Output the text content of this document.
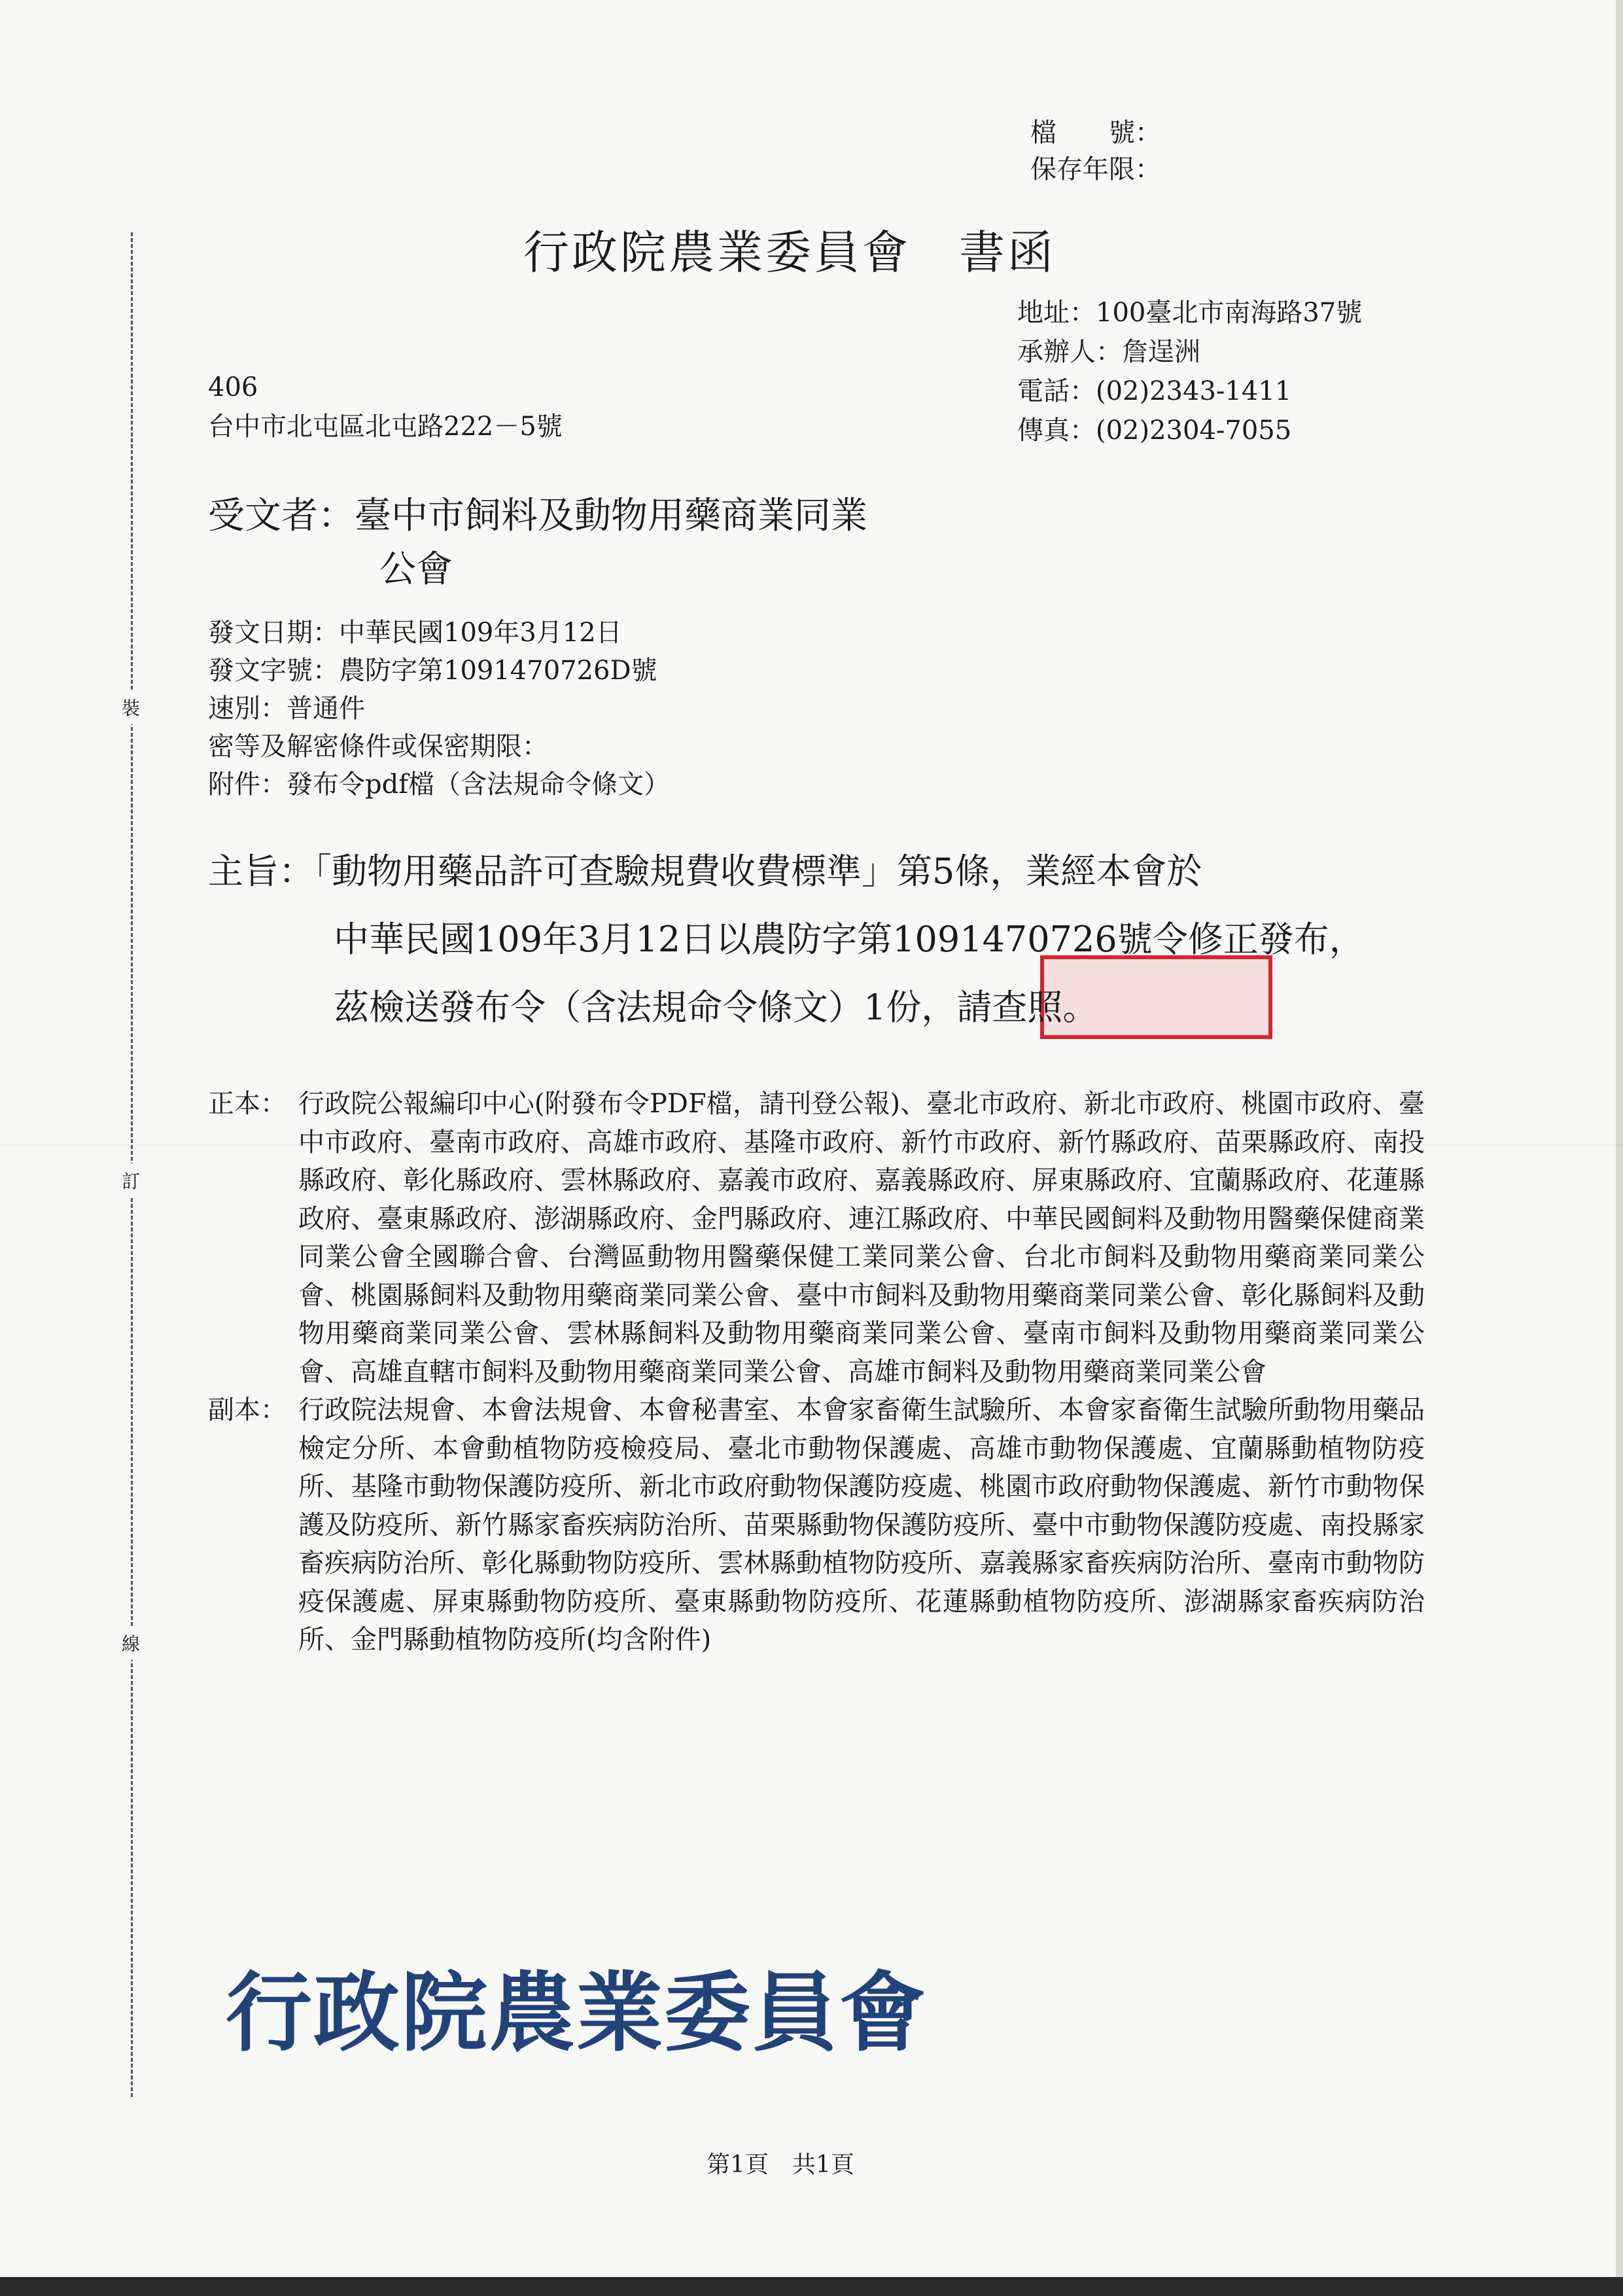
裝
訂
線
檔　　號：
保存年限：
行政院農業委員會　書函
地址：100臺北市南海路37號
承辦人：詹逞洲
電話：(02)2343-1411
傳真：(02)2304-7055
406
台中市北屯區北屯路222－5號
受文者：臺中市飼料及動物用藥商業同業
公會
發文日期：中華民國109年3月12日
發文字號：農防字第1091470726D號
速別：普通件
密等及解密條件或保密期限：
附件：發布令pdf檔（含法規命令條文）
主旨：「動物用藥品許可查驗規費收費標準」第5條，業經本會於
中華民國109年3月12日以農防字第1091470726號令修正發布，
茲檢送發布令（含法規命令條文）1份，請查照。
正本： 行政院公報編印中心(附發布令PDF檔，請刊登公報)、臺北市政府、新北市政府、桃園市政府、臺中市政府、臺南市政府、高雄市政府、基隆市政府、新竹市政府、新竹縣政府、苗栗縣政府、南投縣政府、彰化縣政府、雲林縣政府、嘉義市政府、嘉義縣政府、屏東縣政府、宜蘭縣政府、花蓮縣政府、臺東縣政府、澎湖縣政府、金門縣政府、連江縣政府、中華民國飼料及動物用醫藥保健商業同業公會全國聯合會、台灣區動物用醫藥保健工業同業公會、台北市飼料及動物用藥商業同業公會、桃園縣飼料及動物用藥商業同業公會、臺中市飼料及動物用藥商業同業公會、彰化縣飼料及動物用藥商業同業公會、雲林縣飼料及動物用藥商業同業公會、臺南市飼料及動物用藥商業同業公會、高雄直轄市飼料及動物用藥商業同業公會、高雄市飼料及動物用藥商業同業公會
副本： 行政院法規會、本會法規會、本會秘書室、本會家畜衛生試驗所、本會家畜衛生試驗所動物用藥品檢定分所、本會動植物防疫檢疫局、臺北市動物保護處、高雄市動物保護處、宜蘭縣動植物防疫所、基隆市動物保護防疫所、新北市政府動物保護防疫處、桃園市政府動物保護處、新竹市動物保護及防疫所、新竹縣家畜疾病防治所、苗栗縣動物保護防疫所、臺中市動物保護防疫處、南投縣家畜疾病防治所、彰化縣動物防疫所、雲林縣動植物防疫所、嘉義縣家畜疾病防治所、臺南市動物防疫保護處、屏東縣動物防疫所、臺東縣動物防疫所、花蓮縣動植物防疫所、澎湖縣家畜疾病防治所、金門縣動植物防疫所(均含附件)
行政院農業委員會
第1頁　共1頁
